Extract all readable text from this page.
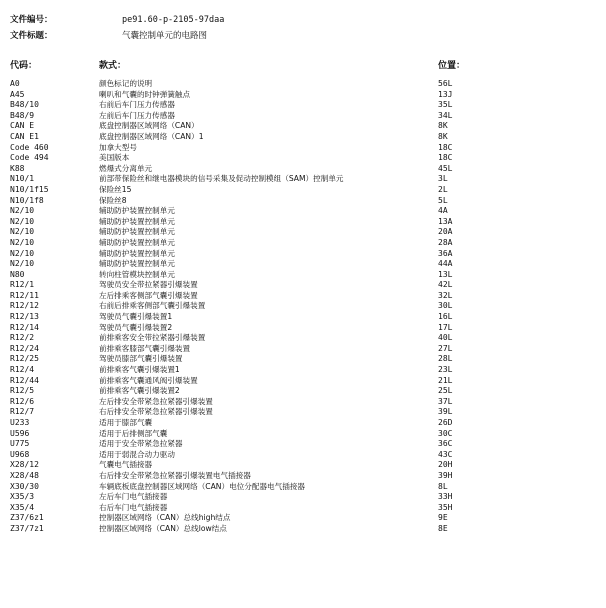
文件编号：	pe91.60-p-2105-97daa
文件标题：	气囊控制单元的电路图
代码：	款式：	位置：
A0	颜色标记的说明	56L
A45	喇叭和气囊的时钟弹簧触点	13J
B48/10	右前后车门压力传感器	35L
B48/9	左前后车门压力传感器	34L
CAN E	底盘控制器区域网络（CAN）	8K
CAN E1	底盘控制器区域网络（CAN）1	8K
Code 460	加拿大型号	18C
Code 494	美国版本	18C
K88	燃爆式分离单元	45L
N10/1	前部带保险丝和继电器模块的信号采集及促动控制模组（SAM）控制单元	3L
N10/1f15	保险丝15	2L
N10/1f8	保险丝8	5L
N2/10	辅助防护装置控制单元	4A
N2/10	辅助防护装置控制单元	13A
N2/10	辅助防护装置控制单元	20A
N2/10	辅助防护装置控制单元	28A
N2/10	辅助防护装置控制单元	36A
N2/10	辅助防护装置控制单元	44A
N80	转向柱管模块控制单元	13L
R12/1	驾驶员安全带拉紧器引爆装置	42L
R12/11	左后排乘客侧部气囊引爆装置	32L
R12/12	右前后排乘客侧部气囊引爆装置	30L
R12/13	驾驶员气囊引爆装置1	16L
R12/14	驾驶员气囊引爆装置2	17L
R12/2	前排乘客安全带拉紧器引爆装置	40L
R12/24	前排乘客膝部气囊引爆装置	27L
R12/25	驾驶员膝部气囊引爆装置	28L
R12/4	前排乘客气囊引爆装置1	23L
R12/44	前排乘客气囊通风阀引爆装置	21L
R12/5	前排乘客气囊引爆装置2	25L
R12/6	左后排安全带紧急拉紧器引爆装置	37L
R12/7	右后排安全带紧急拉紧器引爆装置	39L
U233	适用于膝部气囊	26D
U596	适用于后排侧部气囊	30C
U775	适用于安全带紧急拉紧器	36C
U968	适用于弱混合动力驱动	43C
X28/12	气囊电气插接器	20H
X28/48	右后排安全带紧急拉紧器引爆装置电气插接器	39H
X30/30	车辆底板底盘控制器区域网络（CAN）电位分配器电气插接器	8L
X35/3	左后车门电气插接器	33H
X35/4	右后车门电气插接器	35H
Z37/6z1	控制器区域网络（CAN）总线high结点	9E
Z37/7z1	控制器区域网络（CAN）总线low结点	8E
